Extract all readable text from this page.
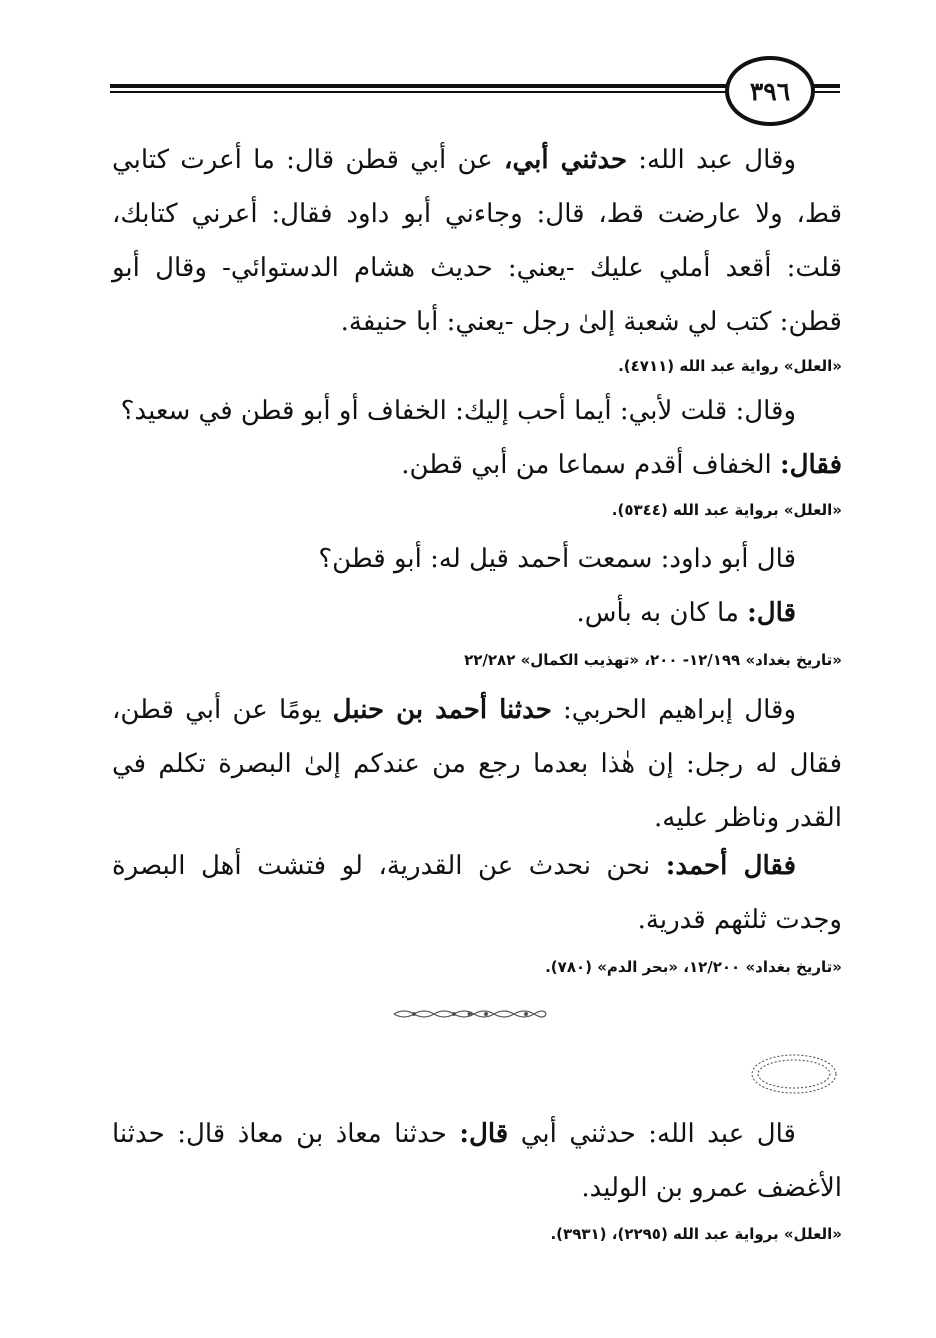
٣٩٦

وقال عبد الله: حدثني أبي، عن أبي قطن قال: ما أعرت كتابي قط، ولا عارضت قط، قال: وجاءني أبو داود فقال: أعرني كتابك، قلت: أقعد أملي عليك -يعني: حديث هشام الدستوائي- وقال أبو قطن: كتب لي شعبة إلىٰ رجل -يعني: أبا حنيفة.

«العلل» رواية عبد الله (٤٧١١).

وقال: قلت لأبي: أيما أحب إليك: الخفاف أو أبو قطن في سعيد؟

فقال: الخفاف أقدم سماعا من أبي قطن.

«العلل» برواية عبد الله (٥٣٤٤).

قال أبو داود: سمعت أحمد قيل له: أبو قطن؟

قال: ما كان به بأس.

«تاريخ بغداد» ١٢/١٩٩- ٢٠٠، «تهذيب الكمال» ٢٢/٢٨٢

وقال إبراهيم الحربي: حدثنا أحمد بن حنبل يومًا عن أبي قطن، فقال له رجل: إن هٰذا بعدما رجع من عندكم إلىٰ البصرة تكلم في القدر وناظر عليه.

فقال أحمد: نحن نحدث عن القدرية، لو فتشت أهل البصرة وجدت ثلثهم قدرية.

«تاريخ بغداد» ١٢/٢٠٠، «بحر الدم» (٧٨٠).

قال عبد الله: حدثني أبي قال: حدثنا معاذ بن معاذ قال: حدثنا الأغضف عمرو بن الوليد.

«العلل» برواية عبد الله (٢٢٩٥)، (٣٩٣١).
